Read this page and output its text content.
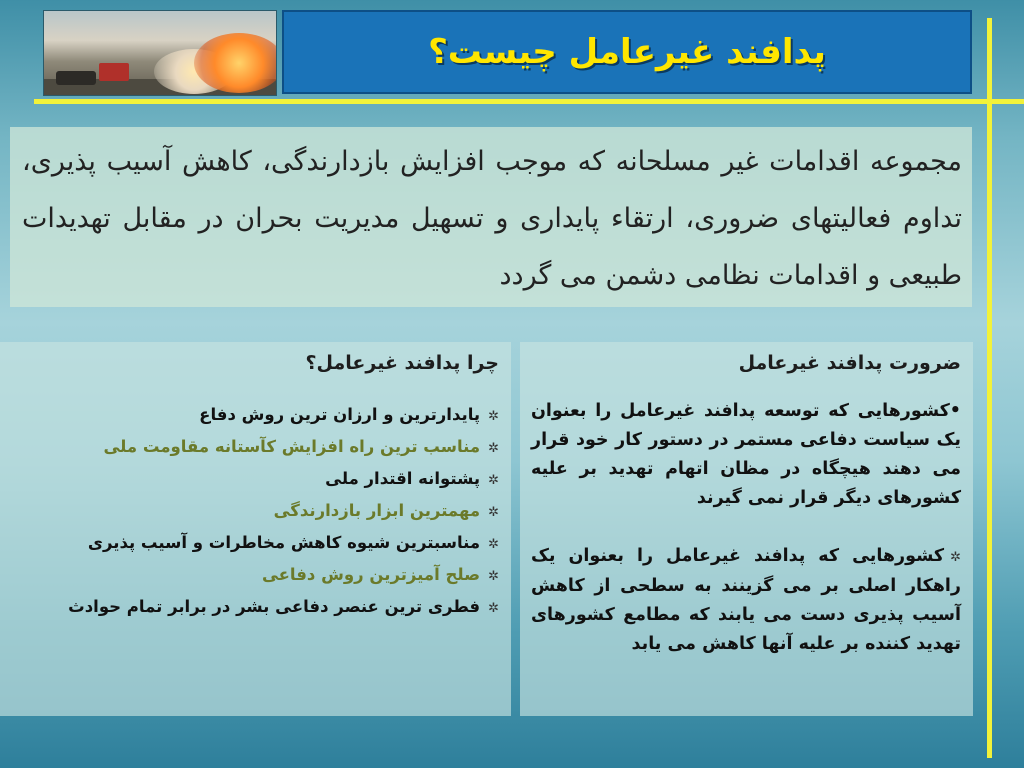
پدافند غیرعامل چیست؟
مجموعه اقدامات غیر مسلحانه که موجب افزایش بازدارندگی، کاهش آسیب پذیری، تداوم فعالیتهای ضروری، ارتقاء پایداری و تسهیل مدیریت بحران در مقابل تهدیدات طبیعی و اقدامات نظامی دشمن می گردد
چرا پدافند غیرعامل؟
✲پایدارترین و ارزان ترین روش دفاع
✲مناسب ترین راه افزایش کآستانه مقاومت ملی
✲پشتوانه اقتدار ملی
✲مهمترین ابزار بازدارندگی
✲مناسبترین شیوه کاهش مخاطرات و آسیب پذیری
✲صلح آمیزترین روش دفاعی
✲فطری ترین عنصر دفاعی بشر در برابر تمام حوادث
ضرورت پدافند غیرعامل

•کشورهایی که توسعه پدافند غیرعامل را بعنوان یک سیاست دفاعی مستمر در دستور کار خود قرار می دهند هیچگاه در مظان اتهام تهدید بر علیه کشورهای دیگر قرار نمی گیرند

✲کشورهایی که پدافند غیرعامل را بعنوان یک راهکار اصلی بر می گزینند به سطحی از کاهش آسیب پذیری دست می یابند که مطامع کشورهای تهدید کننده بر علیه آنها کاهش می یابد
